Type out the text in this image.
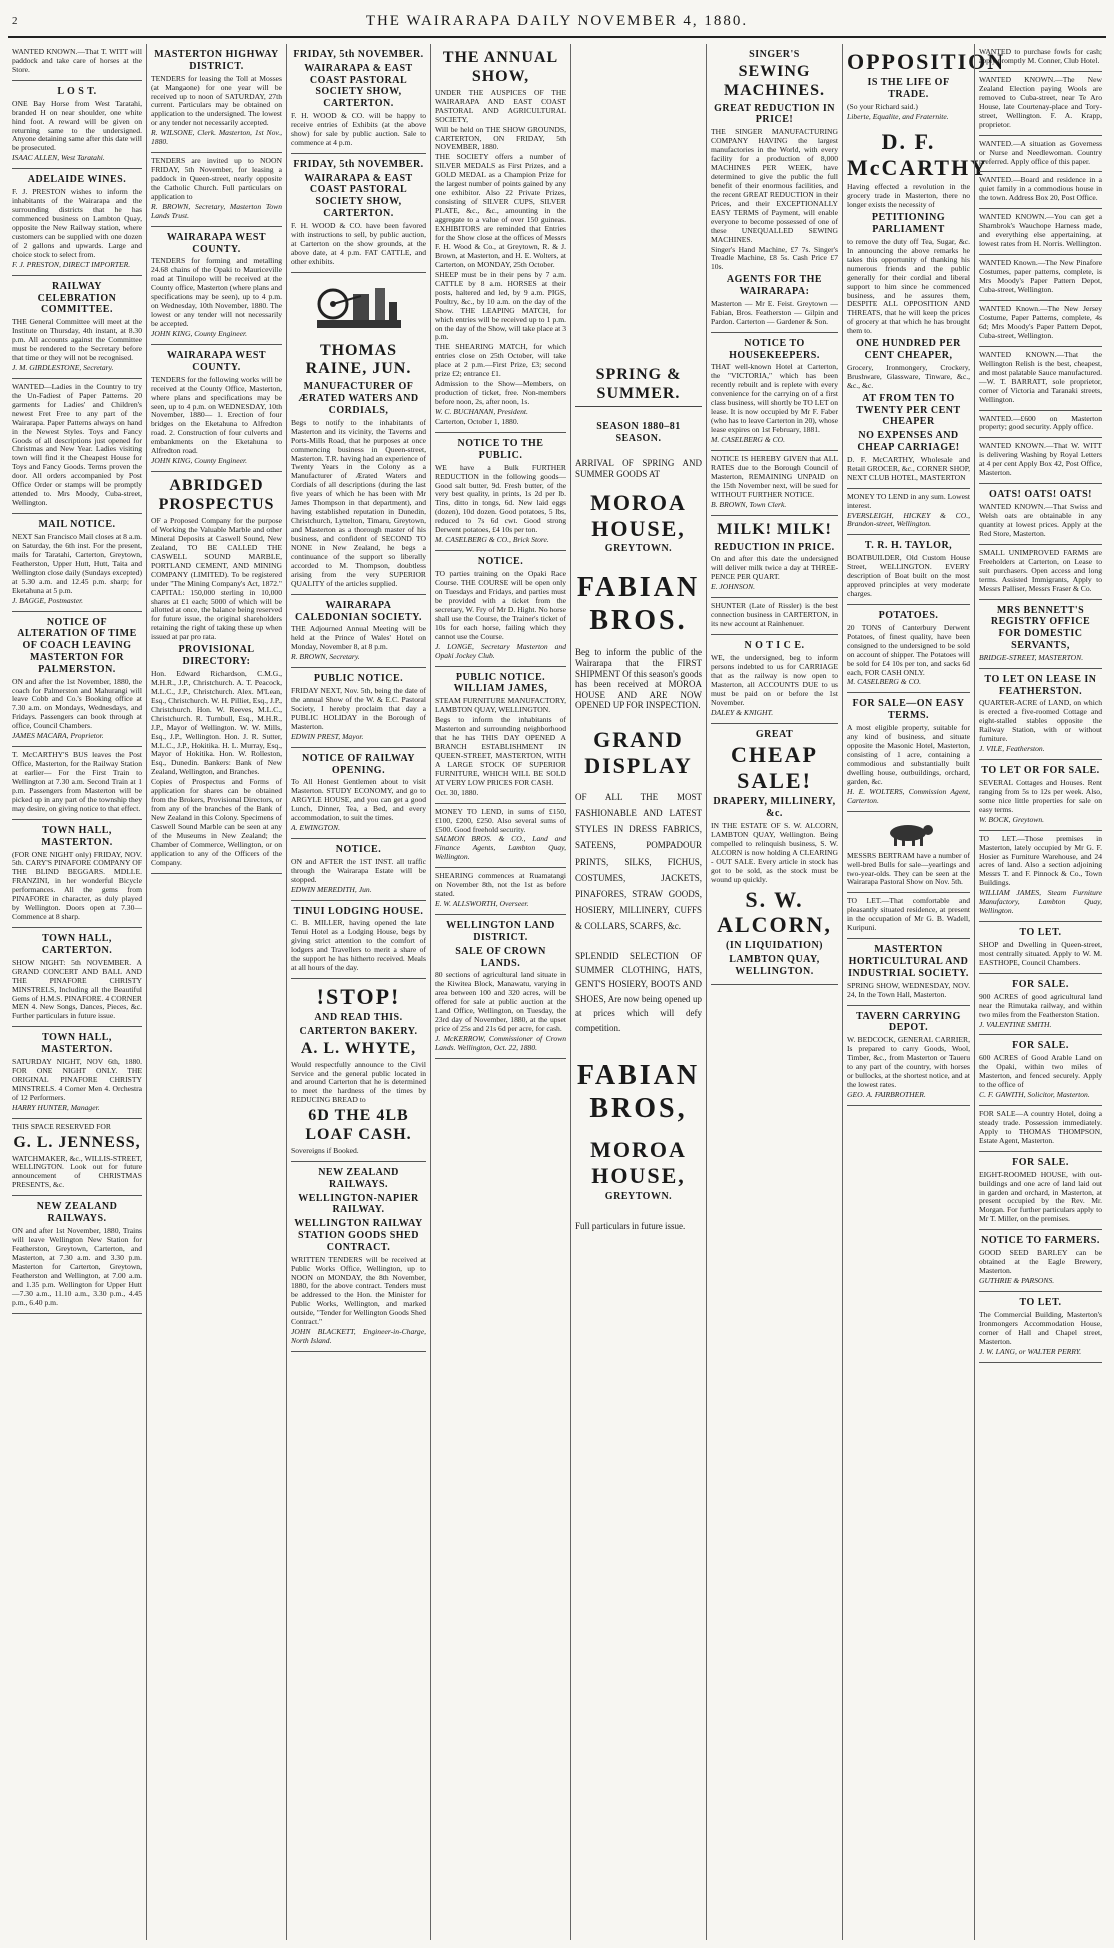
2	THE WAIRARAPA DAILY NOVEMBER 4, 1880.

WANTED KNOWN.—That T. WITT will paddock and take care of horses at the Store.

L O S T.

ONE Bay Horse from West Taratahi, branded H on near shoulder, one white hind foot. A reward will be given on returning same to the undersigned. Anyone detaining same after this date will be prosecuted.

ISAAC ALLEN, West Taratahi.

ADELAIDE WINES.

F. J. PRESTON wishes to inform the inhabitants of the Wairarapa and the surrounding districts that he has commenced business on Lambton Quay, opposite the New Railway station, where customers can be supplied with one dozen of 2 gallons and upwards. Large and choice stock to select from.

F. J. PRESTON, DIRECT IMPORTER.

RAILWAY CELEBRATION COMMITTEE.

THE General Committee will meet at the Institute on Thursday, 4th instant, at 8.30 p.m. All accounts against the Committee must be rendered to the Secretary before that time or they will not be recognised.

J. M. GIRDLESTONE, Secretary.

WANTED—Ladies in the Country to try the Un-Fadiest of Paper Patterns. 20 garments for Ladies' and Children's newest Fret Free to any part of the Wairarapa. Paper Patterns always on hand in the Newest Styles. Toys and Fancy Goods of all descriptions just opened for Christmas and New Year. Ladies visiting town will find it the Cheapest House for Toys and Fancy Goods. Terms proven the door. All orders accompanied by Post Office Order or stamps will be promptly attended to. Mrs Moody, Cuba-street, Wellington.

MAIL NOTICE.

NEXT San Francisco Mail closes at 8 a.m. on Saturday, the 6th inst. For the present, mails for Taratahi, Carterton, Greytown, Featherston, Upper Hutt, Hutt, Taita and Wellington close daily (Sundays excepted) at 5.30 a.m. and 12.45 p.m. sharp; for Eketahuna at 5 p.m.

J. BAGGE, Postmaster.

NOTICE OF ALTERATION OF TIME OF COACH LEAVING MASTERTON FOR PALMERSTON.

ON and after the 1st November, 1880, the coach for Palmerston and Mahurangi will leave Cobb and Co.'s Booking office at 7.30 a.m. on Mondays, Wednesdays, and Fridays. Passengers can book through at office, Council Chambers.

JAMES MACARA, Proprietor.

T. McCARTHY'S BUS leaves the Post Office, Masterton, for the Railway Station at earlier— For the First Train to Wellington at 7.30 a.m. Second Train at 1 p.m. Passengers from Masterton will be picked up in any part of the township they may desire, on giving notice to that effect.

TOWN HALL, MASTERTON.

(FOR ONE NIGHT only) FRIDAY, NOV. 5th. CARY'S PINAFORE COMPANY OF THE BLIND BEGGARS. MDLLE. FRANZINI, in her wonderful Bicycle performances. All the gems from PINAFORE in character, as duly played by Wellington. Doors open at 7.30—Commence at 8 sharp.

TOWN HALL, CARTERTON.

SHOW NIGHT: 5th NOVEMBER. A GRAND CONCERT AND BALL AND THE PINAFORE CHRISTY MINSTRELS, Including all the Beautiful Gems of H.M.S. PINAFORE. 4 CORNER MEN 4. New Songs, Dances, Pieces, &c. Further particulars in future issue.

TOWN HALL, MASTERTON.

SATURDAY NIGHT, NOV 6th, 1880. FOR ONE NIGHT ONLY. THE ORIGINAL PINAFORE CHRISTY MINSTRELS. 4 Corner Men 4. Orchestra of 12 Performers.

HARRY HUNTER, Manager.

THIS SPACE RESERVED FOR

G. L. JENNESS,

WATCHMAKER, &c., WILLIS-STREET, WELLINGTON. Look out for future announcement of CHRISTMAS PRESENTS, &c.

NEW ZEALAND RAILWAYS.

ON and after 1st November, 1880, Trains will leave Wellington New Station for Featherston, Greytown, Carterton, and Masterton, at 7.30 a.m. and 3.30 p.m. Masterton for Carterton, Greytown, Featherston and Wellington, at 7.00 a.m. and 1.35 p.m. Wellington for Upper Hutt—7.30 a.m., 11.10 a.m., 3.30 p.m., 4.45 p.m., 6.40 p.m.

MASTERTON HIGHWAY DISTRICT.

TENDERS for leasing the Toll at Mosses (at Mangaone) for one year will be received up to noon of SATURDAY, 27th current. Particulars may be obtained on application to the undersigned. The lowest or any tender not necessarily accepted.

R. WILSONE, Clerk. Masterton, 1st Nov., 1880.

TENDERS are invited up to NOON FRIDAY, 5th November, for leasing a paddock in Queen-street, nearly opposite the Catholic Church. Full particulars on application to

R. BROWN, Secretary, Masterton Town Lands Trust.

WAIRARAPA WEST COUNTY.

TENDERS for forming and metalling 24.68 chains of the Opaki to Mauriceville road at Tinuilopo will be received at the County office, Masterton (where plans and specifications may be seen), up to 4 p.m. on Wednesday, 10th November, 1880. The lowest or any tender will not necessarily be accepted.

JOHN KING, County Engineer.

WAIRARAPA WEST COUNTY.

TENDERS for the following works will be received at the County Office, Masterton, where plans and specifications may be seen, up to 4 p.m. on WEDNESDAY, 10th November, 1880— 1. Erection of four bridges on the Eketahuna to Alfredton road. 2. Construction of four culverts and embankments on the Eketahuna to Alfredton road.

JOHN KING, County Engineer.

ABRIDGED PROSPECTUS

OF a Proposed Company for the purpose of Working the Valuable Marble and other Mineral Deposits at Caswell Sound, New Zealand, TO BE CALLED THE CASWELL SOUND MARBLE, PORTLAND CEMENT, AND MINING COMPANY (LIMITED). To be registered under "The Mining Company's Act, 1872." CAPITAL: 150,000 sterling in 10,000 shares at £1 each; 5000 of which will be allotted at once, the balance being reserved for future issue, the original shareholders retaining the right of taking these up when issued at par pro rata.

PROVISIONAL DIRECTORY:

Hon. Edward Richardson, C.M.G., M.H.R., J.P., Christchurch. A. T. Peacock, M.L.C., J.P., Christchurch. Alex. M'Lean, Esq., Christchurch. W. H. Pilliet, Esq., J.P., Christchurch. Hon. W. Reeves, M.L.C., Christchurch. R. Turnbull, Esq., M.H.R., J.P., Mayor of Wellington. W. W. Mills, Esq., J.P., Wellington. Hon. J. R. Sutter, M.L.C., J.P., Hokitika. H. L. Murray, Esq., Mayor of Hokitika. Hon. W. Rolleston, Esq., Dunedin. Bankers: Bank of New Zealand, Wellington, and Branches.

Copies of Prospectus and Forms of application for shares can be obtained from the Brokers, Provisional Directors, or from any of the branches of the Bank of New Zealand in this Colony. Specimens of Caswell Sound Marble can be seen at any of the Museums in New Zealand; the Chamber of Commerce, Wellington, or on application to any of the Officers of the Company.

FRIDAY, 5th NOVEMBER.
WAIRARAPA & EAST COAST PASTORAL SOCIETY SHOW, CARTERTON.

F. H. WOOD & CO. will be happy to receive entries of Exhibits (at the above show) for sale by public auction. Sale to commence at 4 p.m.

FRIDAY, 5th NOVEMBER.
WAIRARAPA & EAST COAST PASTORAL SOCIETY SHOW, CARTERTON.

F. H. WOOD & CO. have been favored with instructions to sell, by public auction, at Carterton on the show grounds, at the above date, at 4 p.m. FAT CATTLE, and other exhibits.

THOMAS RAINE, JUN.
MANUFACTURER OF ÆRATED WATERS AND CORDIALS,

Begs to notify to the inhabitants of Masterton and its vicinity, the Taverns and Ports-Mills Road, that he purposes at once commencing business in Queen-street, Masterton. T.R. having had an experience of Twenty Years in the Colony as a Manufacturer of Ærated Waters and Cordials of all descriptions (during the last five years of which he has been with Mr James Thompson in that department), and having established reputation in Dunedin, Christchurch, Lyttelton, Timaru, Greytown, and Masterton as a thorough master of his business, and confident of SECOND TO NONE in New Zealand, he begs a continuance of the support so liberally accorded to M. Thompson, doubtless arising from the very SUPERIOR QUALITY of the articles supplied.

WAIRARAPA CALEDONIAN SOCIETY.

THE Adjourned Annual Meeting will be held at the Prince of Wales' Hotel on Monday, November 8, at 8 p.m.

R. BROWN, Secretary.

PUBLIC NOTICE.

FRIDAY NEXT, Nov. 5th, being the date of the annual Show of the W. & E.C. Pastoral Society, I hereby proclaim that day a PUBLIC HOLIDAY in the Borough of Masterton.

EDWIN PREST, Mayor.

NOTICE OF RAILWAY OPENING.

To All Honest Gentlemen about to visit Masterton. STUDY ECONOMY, and go to ARGYLE HOUSE, and you can get a good Lunch, Dinner, Tea, a Bed, and every accommodation, to suit the times.

A. EWINGTON.

NOTICE.

ON and AFTER the 1ST INST. all traffic through the Wairarapa Estate will be stopped.

EDWIN MEREDITH, Jun.

TINUI LODGING HOUSE.

C. B. MILLER, having opened the late Tenui Hotel as a Lodging House, begs by giving strict attention to the comfort of lodgers and Travellers to merit a share of the support he has hitherto received. Meals at all hours of the day.

!STOP!
AND READ THIS.
CARTERTON BAKERY.
A. L. WHYTE,

Would respectfully announce to the Civil Service and the general public located in and around Carterton that he is determined to meet the hardness of the times by REDUCING BREAD to

6D THE 4LB LOAF CASH.

Sovereigns if Booked.

NEW ZEALAND RAILWAYS.
WELLINGTON-NAPIER RAILWAY.
WELLINGTON RAILWAY STATION GOODS SHED CONTRACT.

WRITTEN TENDERS will be received at Public Works Office, Wellington, up to NOON on MONDAY, the 8th November, 1880, for the above contract. Tenders must be addressed to the Hon. the Minister for Public Works, Wellington, and marked outside, "Tender for Wellington Goods Shed Contract."

JOHN BLACKETT, Engineer-in-Charge, North Island.

THE ANNUAL SHOW,

UNDER THE AUSPICES OF THE WAIRARAPA AND EAST COAST PASTORAL AND AGRICULTURAL SOCIETY,

Will be held on THE SHOW GROUNDS, CARTERTON, ON FRIDAY, 5th NOVEMBER, 1880.

THE SOCIETY offers a number of SILVER MEDALS as First Prizes, and a GOLD MEDAL as a Champion Prize for the largest number of points gained by any one exhibitor. Also 22 Private Prizes, consisting of SILVER CUPS, SILVER PLATE, &c., &c., amounting in the aggregate to a value of over 150 guineas. EXHIBITORS are reminded that Entries for the Show close at the offices of Messrs F. H. Wood & Co., at Greytown, R. & J. Brown, at Masterton, and H. E. Wolters, at Carterton, on MONDAY, 25th October.

SHEEP must be in their pens by 7 a.m. CATTLE by 8 a.m. HORSES at their posts, haltered and led, by 9 a.m. PIGS, Poultry, &c., by 10 a.m. on the day of the Show. THE LEAPING MATCH, for which entries will be received up to 1 p.m. on the day of the Show, will take place at 3 p.m.

THE SHEARING MATCH, for which entries close on 25th October, will take place at 2 p.m.—First Prize, £3; second prize £2; entrance £1.

Admission to the Show—Members, on production of ticket, free. Non-members before noon, 2s, after noon, 1s.

W. C. BUCHANAN, President.

Carterton, October 1, 1880.

NOTICE TO THE PUBLIC.

WE have a Bulk FURTHER REDUCTION in the following goods— Good salt butter, 9d. Fresh butter, of the very best quality, in prints, 1s 2d per lb. Tins, ditto in tongs, 6d. New laid eggs (dozen), 10d dozen. Good potatoes, 5 lbs, reduced to 7s 6d cwt. Good strong Derwent potatoes, £4 10s per ton.

M. CASELBERG & CO., Brick Store.

NOTICE.

TO parties training on the Opaki Race Course. THE COURSE will be open only on Tuesdays and Fridays, and parties must be provided with a ticket from the secretary, W. Fry of Mr D. Hight. No horse shall use the Course, the Trainer's ticket of 10s for each horse, failing which they cannot use the Course.

J. LONGE, Secretary Masterton and Opaki Jockey Club.

PUBLIC NOTICE. WILLIAM JAMES,

STEAM FURNITURE MANUFACTORY, LAMBTON QUAY, WELLINGTON.

Begs to inform the inhabitants of Masterton and surrounding neighborhood that he has THIS DAY OPENED A BRANCH ESTABLISHMENT IN QUEEN-STREET, MASTERTON, WITH A LARGE STOCK OF SUPERIOR FURNITURE, WHICH WILL BE SOLD AT VERY LOW PRICES FOR CASH.

Oct. 30, 1880.

MONEY TO LEND, in sums of £150, £100, £200, £250. Also several sums of £500. Good freehold security.

SALMON BROS. & CO., Land and Finance Agents, Lambton Quay, Wellington.

SHEARING commences at Ruamatangi on November 8th, not the 1st as before stated.

E. W. ALLSWORTH, Overseer.

WELLINGTON LAND DISTRICT.
SALE OF CROWN LANDS.

80 sections of agricultural land situate in the Kiwitea Block, Manawatu, varying in area between 100 and 320 acres, will be offered for sale at public auction at the Land Office, Wellington, on Tuesday, the 23rd day of November, 1880, at the upset price of 25s and 21s 6d per acre, for cash.

J. McKERROW, Commissioner of Crown Lands. Wellington, Oct. 22, 1880.

SPRING & SUMMER.
SEASON 1880–81 SEASON.

ARRIVAL OF SPRING AND SUMMER GOODS AT

MOROA HOUSE,
GREYTOWN.
FABIAN BROS.

Beg to inform the public of the Wairarapa that the FIRST SHIPMENT Of this season's goods has been received at MOROA HOUSE AND ARE NOW OPENED UP FOR INSPECTION.

GRAND DISPLAY

OF ALL THE MOST FASHIONABLE AND LATEST STYLES IN DRESS FABRICS, SATEENS, POMPADOUR PRINTS, SILKS, FICHUS, COSTUMES, JACKETS, PINAFORES, STRAW GOODS, HOSIERY, MILLINERY, CUFFS & COLLARS, SCARFS, &c.

SPLENDID SELECTION OF SUMMER CLOTHING, HATS, GENT'S HOSIERY, BOOTS AND SHOES, Are now being opened up at prices which will defy competition.

FABIAN BROS,
MOROA HOUSE,
GREYTOWN.

Full particulars in future issue.

SINGER'S
SEWING MACHINES.
GREAT REDUCTION IN PRICE!

THE SINGER MANUFACTURING COMPANY HAVING the largest manufactories in the World, with every facility for a production of 8,000 MACHINES PER WEEK, have determined to give the public the full benefit of their enormous facilities, and the recent GREAT REDUCTION in their Prices, and their EXCEPTIONALLY EASY TERMS of Payment, will enable everyone to become possessed of one of these UNEQUALLED SEWING MACHINES.

Singer's Hand Machine, £7 7s. Singer's Treadle Machine, £8 5s. Cash Price £7 10s.

AGENTS FOR THE WAIRARAPA:

Masterton — Mr E. Feist. Greytown — Fabian, Bros. Featherston — Gilpin and Pardon. Carterton — Gardener & Son.

NOTICE TO HOUSEKEEPERS.

THAT well-known Hotel at Carterton, the "VICTORIA," which has been recently rebuilt and is replete with every convenience for the carrying on of a first class business, will shortly be TO LET on lease. It is now occupied by Mr F. Faber (who has to leave Carterton in 20), whose lease expires on 1st February, 1881.

M. CASELBERG & CO.

NOTICE IS HEREBY GIVEN that ALL RATES due to the Borough Council of Masterton, REMAINING UNPAID on the 15th November next, will be sued for WITHOUT FURTHER NOTICE.

B. BROWN, Town Clerk.

MILK! MILK!
REDUCTION IN PRICE.

On and after this date the undersigned will deliver milk twice a day at THREE-PENCE PER QUART.

E. JOHNSON.

SHUNTER (Late of Rissler) is the best connection business in CARTERTON, in its new account at Rainhenuer.

N O T I C E.

WE, the undersigned, beg to inform persons indebted to us for CARRIAGE that as the railway is now open to Masterton, all ACCOUNTS DUE to us must be paid on or before the 1st November.

DALEY & KNIGHT.

GREAT
CHEAP SALE!
DRAPERY, MILLINERY, &c.

IN THE ESTATE OF S. W. ALCORN, LAMBTON QUAY, Wellington. Being compelled to relinquish business, S. W. ALCORN is now holding A CLEARING - OUT SALE. Every article in stock has got to be sold, as the stock must be wound up quickly.

S. W. ALCORN,
(IN LIQUIDATION)
LAMBTON QUAY, WELLINGTON.
OPPOSITION
IS THE LIFE OF TRADE.

(So your Richard said.)

Liberte, Equalite, and Fraternite.

D. F. McCARTHY

Having effected a revolution in the grocery trade in Masterton, there no longer exists the necessity of

PETITIONING PARLIAMENT

to remove the duty off Tea, Sugar, &c. In announcing the above remarks he takes this opportunity of thanking his numerous friends and the public generally for their cordial and liberal support to him since he commenced business, and he assures them, DESPITE ALL OPPOSITION AND THREATS, that he will keep the prices of grocery at that which he has brought them to.

ONE HUNDRED PER CENT CHEAPER,

Grocery, Ironmongery, Crockery, Brushware, Glassware, Tinware, &c., &c., &c.

AT FROM TEN TO TWENTY PER CENT CHEAPER
NO EXPENSES AND CHEAP CARRIAGE!

D. F. McCARTHY, Wholesale and Retail GROCER, &c., CORNER SHOP, NEXT CLUB HOTEL, MASTERTON

MONEY TO LEND in any sum. Lowest interest.

EVERSLEIGH, HICKEY & CO., Brandon-street, Wellington.

T. R. H. TAYLOR,

BOATBUILDER, Old Custom House Street, WELLINGTON. EVERY description of Boat built on the most approved principles at very moderate charges.

POTATOES.

20 TONS of Canterbury Derwent Potatoes, of finest quality, have been consigned to the undersigned to be sold on account of shipper. The Potatoes will be sold for £4 10s per ton, and sacks 6d each, FOR CASH ONLY.

M. CASELBERG & CO.

FOR SALE—ON EASY TERMS.

A most eligible property, suitable for any kind of business, and situate opposite the Masonic Hotel, Masterton, consisting of 1 acre, containing a commodious and substantially built dwelling house, outbuildings, orchard, garden, &c.

H. E. WOLTERS, Commission Agent, Carterton.

MESSRS BERTRAM have a number of well-bred Bulls for sale—yearlings and two-year-olds. They can be seen at the Wairarapa Pastoral Show on Nov. 5th.

TO LET.—That comfortable and pleasantly situated residence, at present in the occupation of Mr G. B. Wadell, Kuripuni.

MASTERTON HORTICULTURAL AND INDUSTRIAL SOCIETY.

SPRING SHOW, WEDNESDAY, NOV. 24, In the Town Hall, Masterton.

TAVERN CARRYING DEPOT.

W. BEDCOCK, GENERAL CARRIER, Is prepared to carry Goods, Wool, Timber, &c., from Masterton or Taueru to any part of the country, with horses or bullocks, at the shortest notice, and at the lowest rates.

GEO. A. FAIRBROTHER.

WANTED to purchase fowls for cash; apply promptly M. Conner, Club Hotel.

WANTED KNOWN.—The New Zealand Election paying Wools are removed to Cuba-street, near Te Aro House, late Courtenay-place and Tory-street, Wellington. F. A. Krapp, proprietor.

WANTED.—A situation as Governess or Nurse and Needlewoman. Country preferred. Apply office of this paper.

WANTED.—Board and residence in a quiet family in a commodious house in the town. Address Box 20, Post Office.

WANTED KNOWN.—You can get a Sharnbrok's Wauchope Harness made, and everything else appertaining, at lowest rates from H. Norris. Wellington.

WANTED Known.—The New Pinafore Costumes, paper patterns, complete, is Mrs Moody's Paper Pattern Depot, Cuba-street, Wellington.

WANTED Known.—The New Jersey Costume, Paper Patterns, complete, 4s 6d; Mrs Moody's Paper Pattern Depot, Cuba-street, Wellington.

WANTED KNOWN.—That the Wellington Relish is the best, cheapest, and most palatable Sauce manufactured.—W. T. BARRATT, sole proprietor, corner of Victoria and Taranaki streets, Wellington.

WANTED.—£600 on Masterton property; good security. Apply office.

WANTED KNOWN.—That W. WITT is delivering Washing by Royal Letters at 4 per cent Apply Box 42, Post Office, Masterton.

OATS! OATS! OATS!

WANTED KNOWN.—That Swiss and Welsh oats are obtainable in any quantity at lowest prices. Apply at the Red Store, Masterton.

SMALL UNIMPROVED FARMS are Freeholders at Carterton, on Lease to suit purchasers. Open access and long terms. Assisted Immigrants, Apply to Messrs Palliser, Messrs Fraser & Co.

MRS BENNETT'S REGISTRY OFFICE FOR DOMESTIC SERVANTS,

BRIDGE-STREET, MASTERTON.

TO LET ON LEASE IN FEATHERSTON.

QUARTER-ACRE of LAND, on which is erected a five-roomed Cottage and eight-stalled stables opposite the Railway Station, with or without furniture.

J. VILE, Featherston.

TO LET OR FOR SALE.

SEVERAL Cottages and Houses. Rent ranging from 5s to 12s per week. Also, some nice little properties for sale on easy terms.

W. BOCK, Greytown.

TO LET.—Those premises in Masterton, lately occupied by Mr G. F. Hosier as Furniture Warehouse, and 24 acres of land. Also a section adjoining Messrs T. and F. Pinnock & Co., Town Buildings.

WILLIAM JAMES, Steam Furniture Manufactory, Lambton Quay, Wellington.

TO LET.

SHOP and Dwelling in Queen-street, most centrally situated. Apply to W. M. EASTHOPE, Council Chambers.

FOR SALE.

900 ACRES of good agricultural land near the Rimutaka railway, and within two miles from the Featherston Station.

J. VALENTINE SMITH.

FOR SALE.

600 ACRES of Good Arable Land on the Opaki, within two miles of Masterton, and fenced securely. Apply to the office of

C. F. GAWITH, Solicitor, Masterton.

FOR SALE—A country Hotel, doing a steady trade. Possession immediately. Apply to THOMAS THOMPSON, Estate Agent, Masterton.

FOR SALE.

EIGHT-ROOMED HOUSE, with out-buildings and one acre of land laid out in garden and orchard, in Masterton, at present occupied by the Rev. Mr. Morgan. For further particulars apply to Mr T. Miller, on the premises.

NOTICE TO FARMERS.

GOOD SEED BARLEY can be obtained at the Eagle Brewery, Masterton.

GUTHRIE & PARSONS.

TO LET.

The Commercial Building, Masterton's Ironmongers Accommodation House, corner of Hall and Chapel street, Masterton.

J. W. LANG, or WALTER PERRY.
